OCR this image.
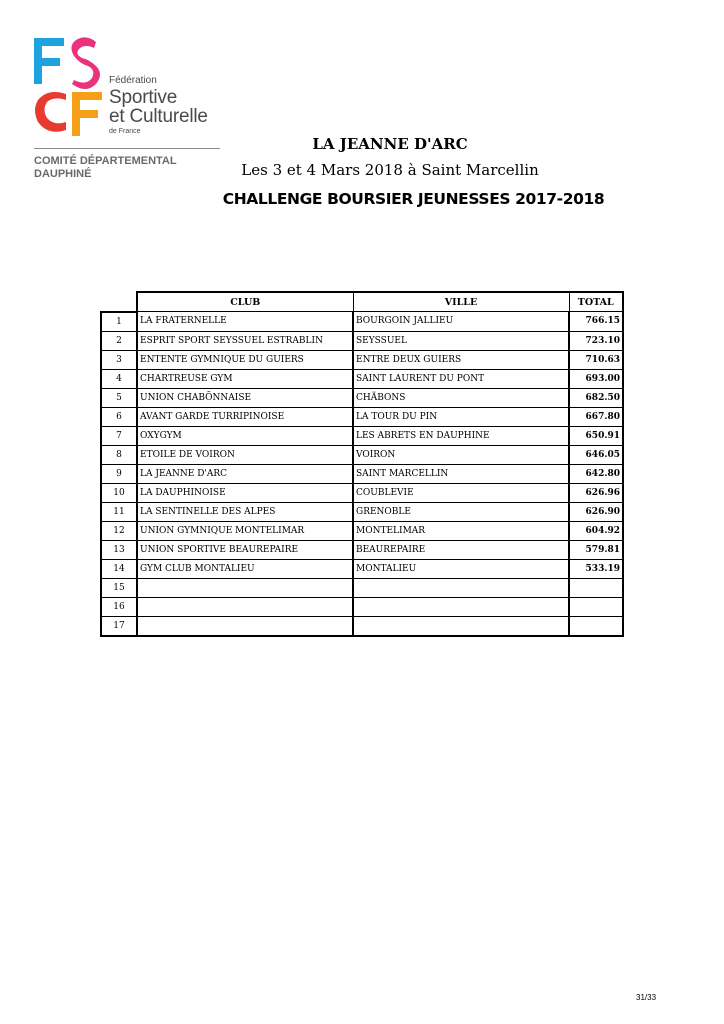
Fédération
Sportive
et Culturelle
de France
COMITÉ DÉPARTEMENTAL
DAUPHINÉ
LA JEANNE D'ARC
Les 3 et 4 Mars 2018 à Saint Marcellin
CHALLENGE BOURSIER JEUNESSES 2017-2018
	CLUB	VILLE	TOTAL
1	LA FRATERNELLE	BOURGOIN JALLIEU	766.15
2	ESPRIT SPORT SEYSSUEL ESTRABLIN	SEYSSUEL	723.10
3	ENTENTE GYMNIQUE DU GUIERS	ENTRE DEUX GUIERS	710.63
4	CHARTREUSE GYM	SAINT LAURENT DU PONT	693.00
5	UNION CHABÕNNAISE	CHÃBONS	682.50
6	AVANT GARDE TURRIPINOISE	LA TOUR DU PIN	667.80
7	OXYGYM	LES ABRETS EN DAUPHINE	650.91
8	ETOILE DE VOIRON	VOIRON	646.05
9	LA JEANNE D'ARC	SAINT MARCELLIN	642.80
10	LA DAUPHINOISE	COUBLEVIE	626.96
11	LA SENTINELLE DES ALPES	GRENOBLE	626.90
12	UNION GYMNIQUE MONTELIMAR	MONTELIMAR	604.92
13	UNION SPORTIVE BEAUREPAIRE	BEAUREPAIRE	579.81
14	GYM CLUB MONTALIEU	MONTALIEU	533.19
15			
16			
17			
31/33
